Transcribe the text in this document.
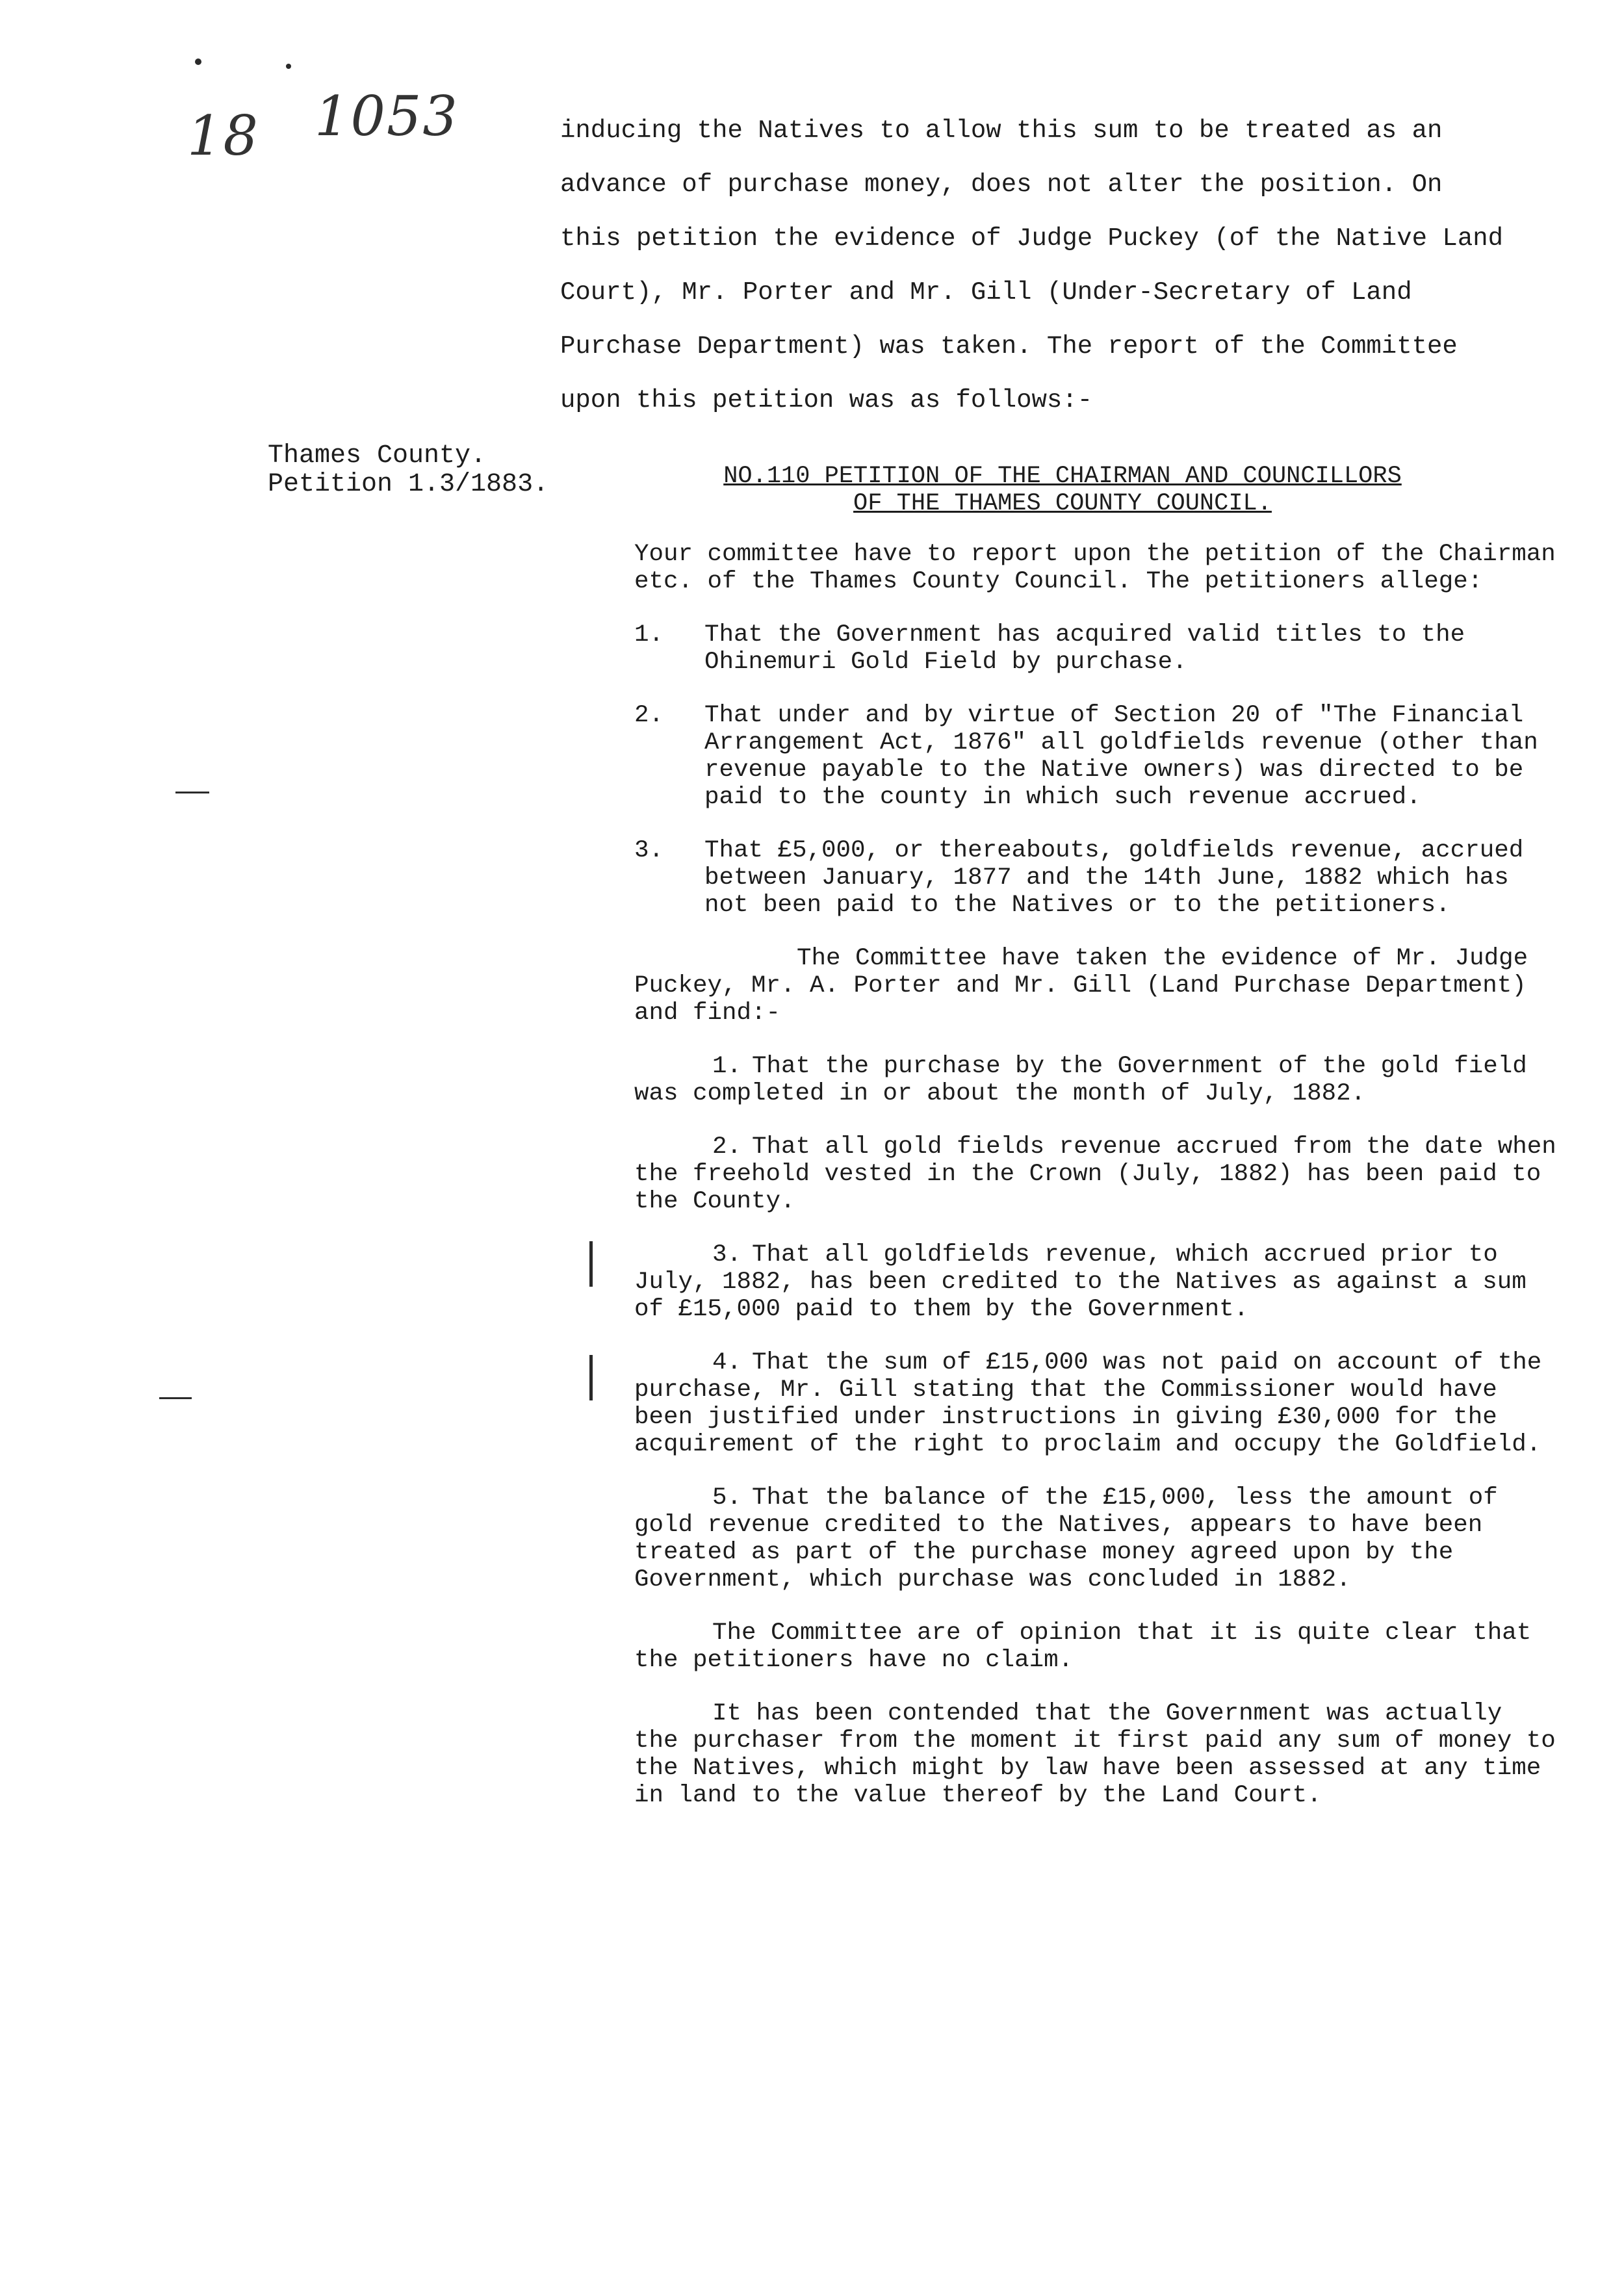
18 1053	inducing the Natives to allow this sum to be treated as an
advance of purchase money, does not alter the position. On
this petition the evidence of Judge Puckey (of the Native Land
Court), Mr. Porter and Mr. Gill (Under-Secretary of Land
Purchase Department) was taken. The report of the Committee
upon this petition was as follows:-
Thames County.
Petition 1.3/1883.	NO.110 PETITION OF THE CHAIRMAN AND COUNCILLORS
OF THE THAMES COUNTY COUNCIL.

Your committee have to report upon the petition of the Chairman etc. of the Thames County Council. The petitioners allege:

1. That the Government has acquired valid titles to the Ohinemuri Gold Field by purchase.

2. That under and by virtue of Section 20 of "The Financial Arrangement Act, 1876" all goldfields revenue (other than revenue payable to the Native owners) was directed to be paid to the county in which such revenue accrued.

3. That £5,000, or thereabouts, goldfields revenue, accrued between January, 1877 and the 14th June, 1882 which has not been paid to the Natives or to the petitioners.

The Committee have taken the evidence of Mr. Judge Puckey, Mr. A. Porter and Mr. Gill (Land Purchase Department) and find:-

1. That the purchase by the Government of the gold field was completed in or about the month of July, 1882.

2. That all gold fields revenue accrued from the date when the freehold vested in the Crown (July, 1882) has been paid to the County.

3. That all goldfields revenue, which accrued prior to July, 1882, has been credited to the Natives as against a sum of £15,000 paid to them by the Government.

4. That the sum of £15,000 was not paid on account of the purchase, Mr. Gill stating that the Commissioner would have been justified under instructions in giving £30,000 for the acquirement of the right to proclaim and occupy the Goldfield.

5. That the balance of the £15,000, less the amount of gold revenue credited to the Natives, appears to have been treated as part of the purchase money agreed upon by the Government, which purchase was concluded in 1882.

The Committee are of opinion that it is quite clear that the petitioners have no claim.

It has been contended that the Government was actually the purchaser from the moment it first paid any sum of money to the Natives, which might by law have been assessed at any time in land to the value thereof by the Land Court.
